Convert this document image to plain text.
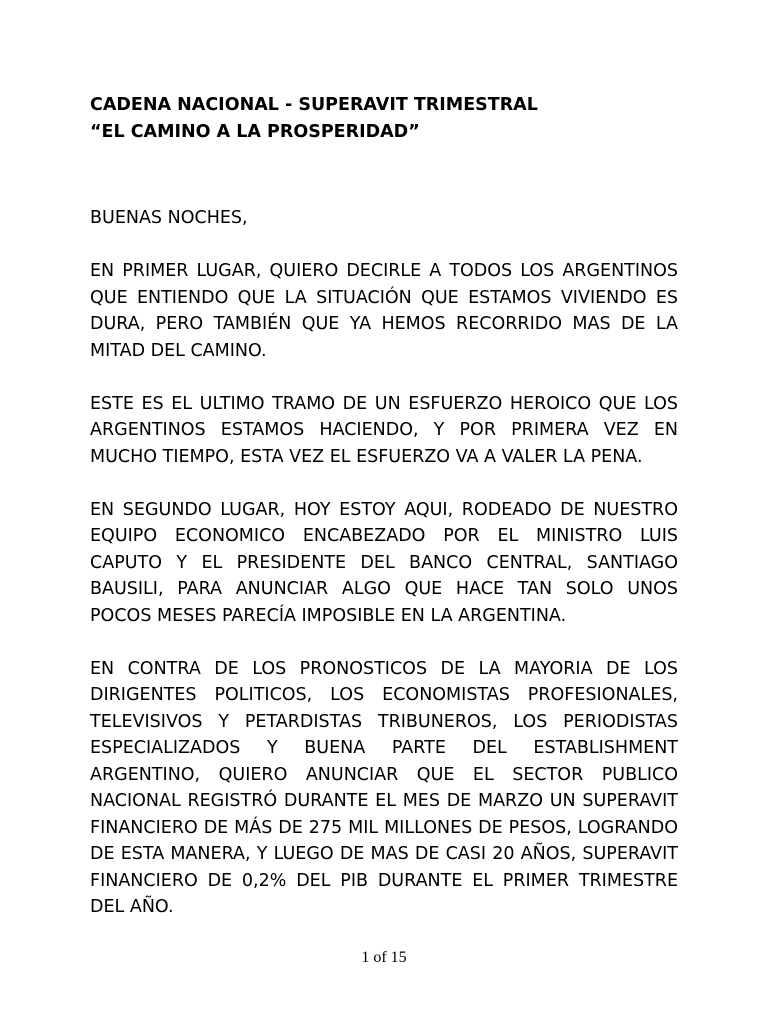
CADENA NACIONAL - SUPERAVIT TRIMESTRAL
“EL CAMINO A LA PROSPERIDAD”

BUENAS NOCHES,

EN PRIMER LUGAR, QUIERO DECIRLE A TODOS LOS ARGENTINOS QUE ENTIENDO QUE LA SITUACIÓN QUE ESTAMOS VIVIENDO ES DURA, PERO TAMBIÉN QUE YA HEMOS RECORRIDO MAS DE LA MITAD DEL CAMINO.

ESTE ES EL ULTIMO TRAMO DE UN ESFUERZO HEROICO QUE LOS ARGENTINOS ESTAMOS HACIENDO, Y POR PRIMERA VEZ EN MUCHO TIEMPO, ESTA VEZ EL ESFUERZO VA A VALER LA PENA.

EN SEGUNDO LUGAR, HOY ESTOY AQUI, RODEADO DE NUESTRO EQUIPO ECONOMICO ENCABEZADO POR EL MINISTRO LUIS CAPUTO Y EL PRESIDENTE DEL BANCO CENTRAL, SANTIAGO BAUSILI, PARA ANUNCIAR ALGO QUE HACE TAN SOLO UNOS POCOS MESES PARECÍA IMPOSIBLE EN LA ARGENTINA.

EN CONTRA DE LOS PRONOSTICOS DE LA MAYORIA DE LOS DIRIGENTES POLITICOS, LOS ECONOMISTAS PROFESIONALES, TELEVISIVOS Y PETARDISTAS TRIBUNEROS, LOS PERIODISTAS ESPECIALIZADOS Y BUENA PARTE DEL ESTABLISHMENT ARGENTINO, QUIERO ANUNCIAR QUE EL SECTOR PUBLICO NACIONAL REGISTRÓ DURANTE EL MES DE MARZO UN SUPERAVIT FINANCIERO DE MÁS DE 275 MIL MILLONES DE PESOS, LOGRANDO DE ESTA MANERA, Y LUEGO DE MAS DE CASI 20 AÑOS, SUPERAVIT FINANCIERO DE 0,2% DEL PIB DURANTE EL PRIMER TRIMESTRE DEL AÑO.

1 of 15
